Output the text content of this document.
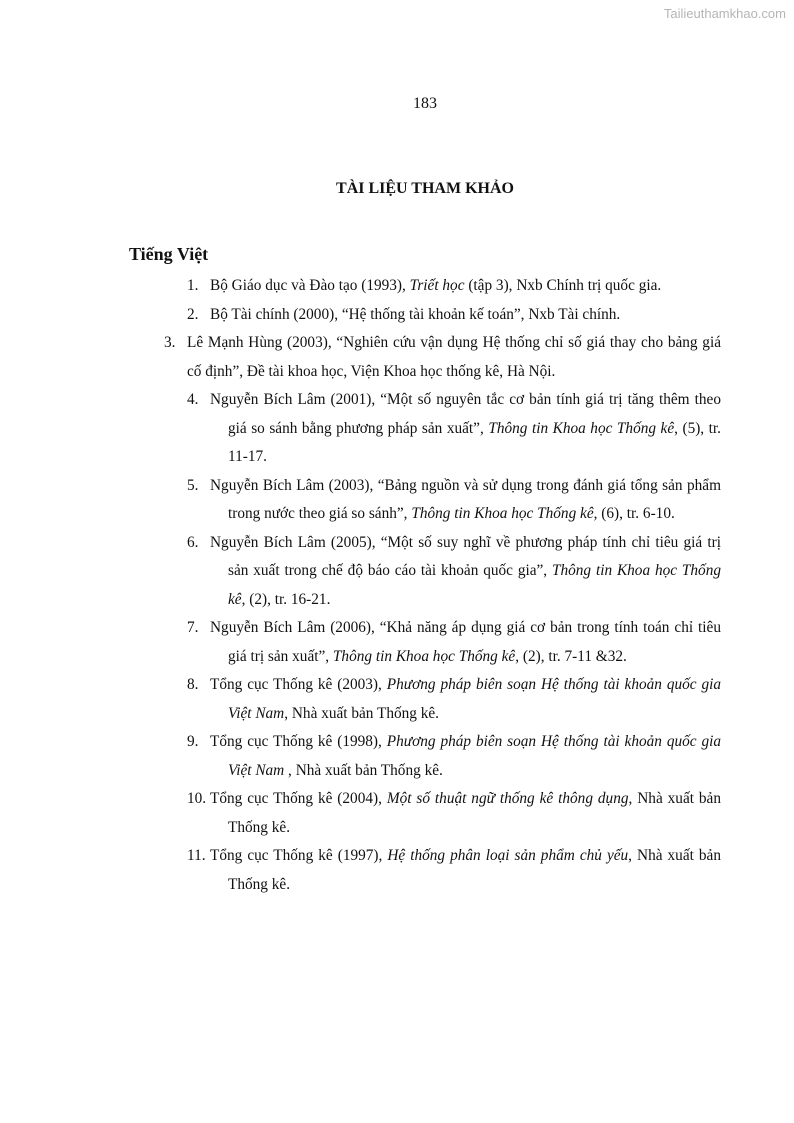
Tailieuthamkhao.com
183
TÀI LIỆU THAM KHẢO
Tiếng Việt
1. Bộ Giáo dục và Đào tạo (1993), Triết học (tập 3), Nxb Chính trị quốc gia.
2. Bộ Tài chính (2000), “Hệ thống tài khoản kế toán”, Nxb Tài chính.
3. Lê Mạnh Hùng (2003), “Nghiên cứu vận dụng Hệ thống chỉ số giá thay cho bảng giá cố định”, Đề tài khoa học, Viện Khoa học thống kê, Hà Nội.
4. Nguyễn Bích Lâm (2001), “Một số nguyên tắc cơ bản tính giá trị tăng thêm theo giá so sánh bằng phương pháp sản xuất”, Thông tin Khoa học Thống kê, (5), tr. 11-17.
5. Nguyễn Bích Lâm (2003), “Bảng nguồn và sử dụng trong đánh giá tổng sản phẩm trong nước theo giá so sánh”, Thông tin Khoa học Thống kê, (6), tr. 6-10.
6. Nguyễn Bích Lâm (2005), “Một số suy nghĩ về phương pháp tính chỉ tiêu giá trị sản xuất trong chế độ báo cáo tài khoản quốc gia”, Thông tin Khoa học Thống kê, (2), tr. 16-21.
7. Nguyễn Bích Lâm (2006), “Khả năng áp dụng giá cơ bản trong tính toán chỉ tiêu giá trị sản xuất”, Thông tin Khoa học Thống kê, (2), tr. 7-11 &32.
8. Tổng cục Thống kê (2003), Phương pháp biên soạn Hệ thống tài khoản quốc gia Việt Nam, Nhà xuất bản Thống kê.
9. Tổng cục Thống kê (1998), Phương pháp biên soạn Hệ thống tài khoản quốc gia Việt Nam , Nhà xuất bản Thống kê.
10. Tổng cục Thống kê (2004), Một số thuật ngữ thống kê thông dụng, Nhà xuất bản Thống kê.
11. Tổng cục Thống kê (1997), Hệ thống phân loại sản phẩm chủ yếu, Nhà xuất bản Thống kê.
